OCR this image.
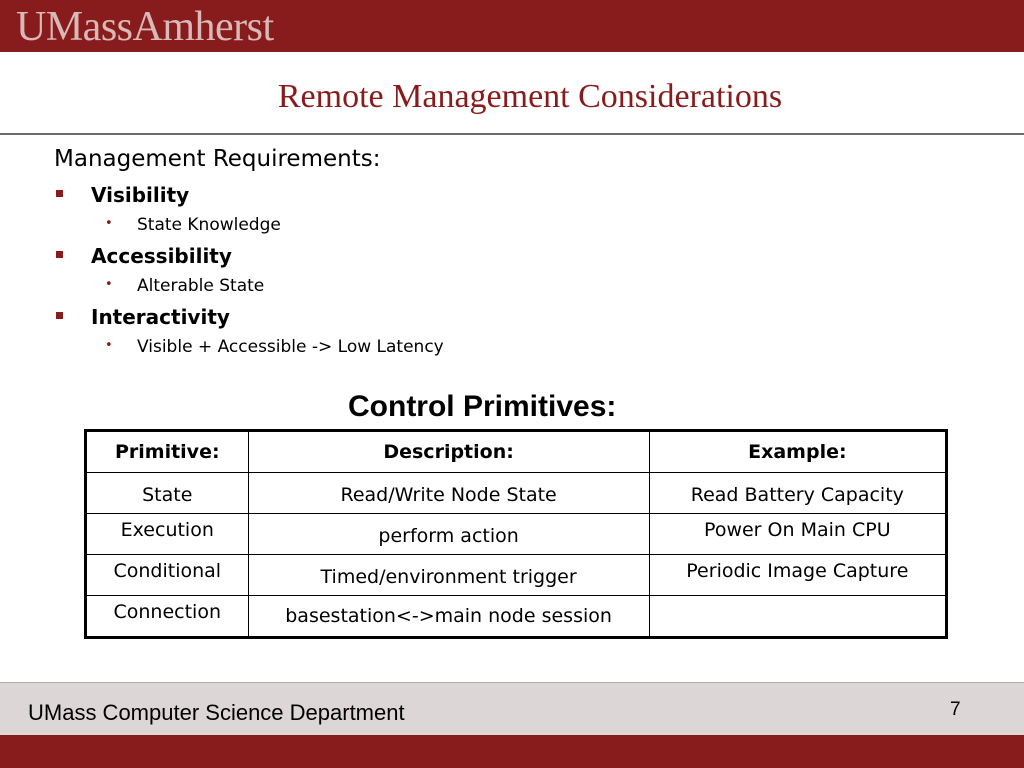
UMassAmherst
Remote Management Considerations
Management Requirements:
Visibility
• State Knowledge
Accessibility
• Alterable State
Interactivity
• Visible + Accessible -> Low Latency
Control Primitives:
Primitive:	Description:	Example:
State	Read/Write Node State	Read Battery Capacity
Execution	perform action	Power On Main CPU
Conditional	Timed/environment trigger	Periodic Image Capture
Connection	basestation<->main node session	
UMass Computer Science Department	7
